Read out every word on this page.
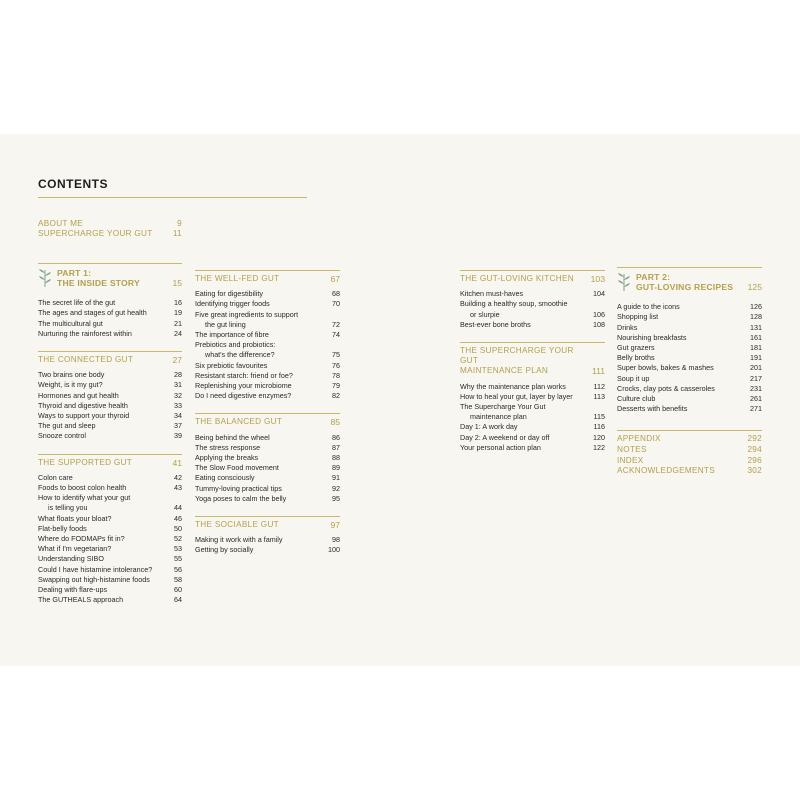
CONTENTS
ABOUT ME	9
SUPERCHARGE YOUR GUT	11
PART 1:
THE INSIDE STORY	15
The secret life of the gut	16
The ages and stages of gut health	19
The multicultural gut	21
Nurturing the rainforest within	24
THE CONNECTED GUT	27
Two brains one body	28
Weight, is it my gut?	31
Hormones and gut health	32
Thyroid and digestive health	33
Ways to support your thyroid	34
The gut and sleep	37
Snooze control	39
THE SUPPORTED GUT	41
Colon care	42
Foods to boost colon health	43
How to identify what your gut
is telling you	44
What floats your bloat?	46
Flat-belly foods	50
Where do FODMAPs fit in?	52
What if I'm vegetarian?	53
Understanding SIBO	55
Could I have histamine intolerance?	56
Swapping out high-histamine foods	58
Dealing with flare-ups	60
The GUTHEALS approach	64
THE WELL-FED GUT	67
Eating for digestibility	68
Identifying trigger foods	70
Five great ingredients to support
the gut lining	72
The importance of fibre	74
Prebiotics and probiotics:
what's the difference?	75
Six prebiotic favourites	76
Resistant starch: friend or foe?	78
Replenishing your microbiome	79
Do I need digestive enzymes?	82
THE BALANCED GUT	85
Being behind the wheel	86
The stress response	87
Applying the breaks	88
The Slow Food movement	89
Eating consciously	91
Tummy-loving practical tips	92
Yoga poses to calm the belly	95
THE SOCIABLE GUT	97
Making it work with a family	98
Getting by socially	100
THE GUT-LOVING KITCHEN 103
Kitchen must-haves	104
Building a healthy soup, smoothie
or slurpie	106
Best-ever bone broths	108
THE SUPERCHARGE YOUR GUT
MAINTENANCE PLAN	111
Why the maintenance plan works	112
How to heal your gut, layer by layer	113
The Supercharge Your Gut
maintenance plan	115
Day 1: A work day	116
Day 2: A weekend or day off	120
Your personal action plan	122
PART 2:
GUT-LOVING RECIPES 125
A guide to the icons	126
Shopping list	128
Drinks	131
Nourishing breakfasts	161
Gut grazers	181
Belly broths	191
Super bowls, bakes & mashes	201
Soup it up	217
Crocks, clay pots & casseroles	231
Culture club	261
Desserts with benefits	271
APPENDIX	292
NOTES	294
INDEX	296
ACKNOWLEDGEMENTS	302
